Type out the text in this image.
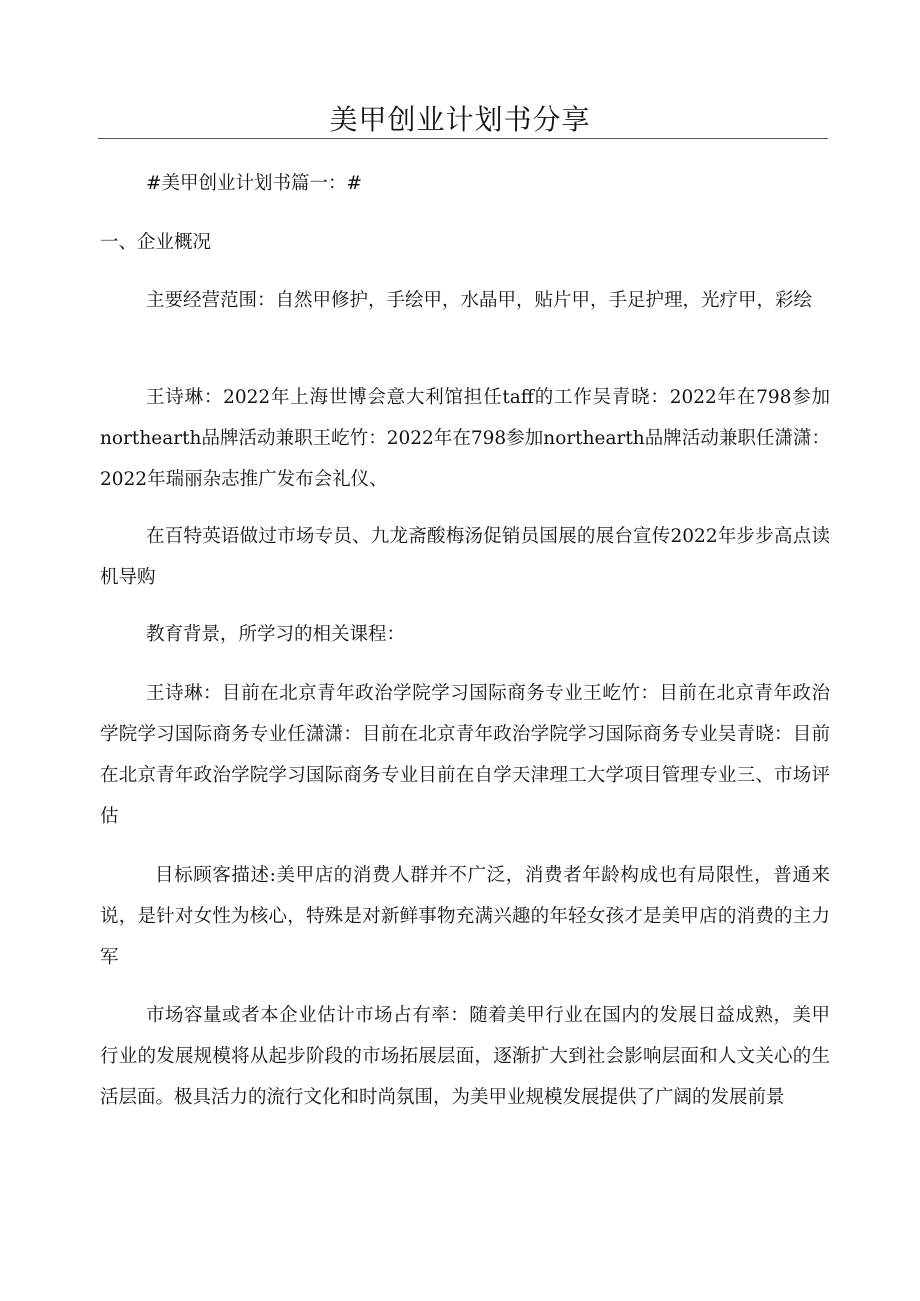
美甲创业计划书分享

#美甲创业计划书篇一：#

一、企业概况

主要经营范围：自然甲修护，手绘甲，水晶甲，贴片甲，手足护理，光疗甲，彩绘

王诗琳：2022年上海世博会意大利馆担任taff的工作吴青晓：2022年在798参加northearth品牌活动兼职王屹竹：2022年在798参加northearth品牌活动兼职任潇潇：2022年瑞丽杂志推广发布会礼仪、

在百特英语做过市场专员、九龙斋酸梅汤促销员国展的展台宣传2022年步步高点读机导购

教育背景，所学习的相关课程：

王诗琳：目前在北京青年政治学院学习国际商务专业王屹竹：目前在北京青年政治学院学习国际商务专业任潇潇：目前在北京青年政治学院学习国际商务专业吴青晓：目前在北京青年政治学院学习国际商务专业目前在自学天津理工大学项目管理专业三、市场评估

目标顾客描述:美甲店的消费人群并不广泛，消费者年龄构成也有局限性，普通来说，是针对女性为核心，特殊是对新鲜事物充满兴趣的年轻女孩才是美甲店的消费的主力军

市场容量或者本企业估计市场占有率：随着美甲行业在国内的发展日益成熟，美甲行业的发展规模将从起步阶段的市场拓展层面，逐渐扩大到社会影响层面和人文关心的生活层面。极具活力的流行文化和时尚氛围，为美甲业规模发展提供了广阔的发展前景
